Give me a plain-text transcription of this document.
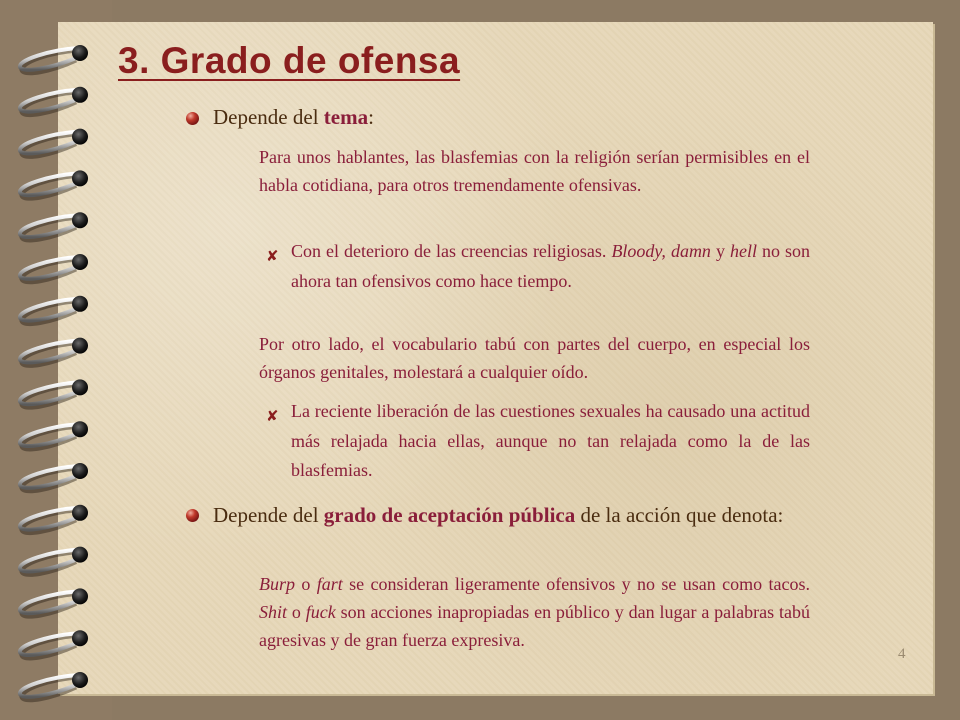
3. Grado de ofensa

Depende del tema:

Para unos hablantes, las blasfemias con la religión serían permisibles en el habla cotidiana, para otros tremendamente ofensivas.

✘ Con el deterioro de las creencias religiosas. Bloody, damn y hell no son ahora tan ofensivos como hace tiempo.

Por otro lado, el vocabulario tabú con partes del cuerpo, en especial los órganos genitales, molestará a cualquier oído.

✘ La reciente liberación de las cuestiones sexuales ha causado una actitud más relajada hacia ellas, aunque no tan relajada como la de las blasfemias.

Depende del grado de aceptación pública de la acción que denota:

Burp o fart se consideran ligeramente ofensivos y no se usan como tacos. Shit o fuck son acciones inapropiadas en público y dan lugar a palabras tabú agresivas y de gran fuerza expresiva.

4
